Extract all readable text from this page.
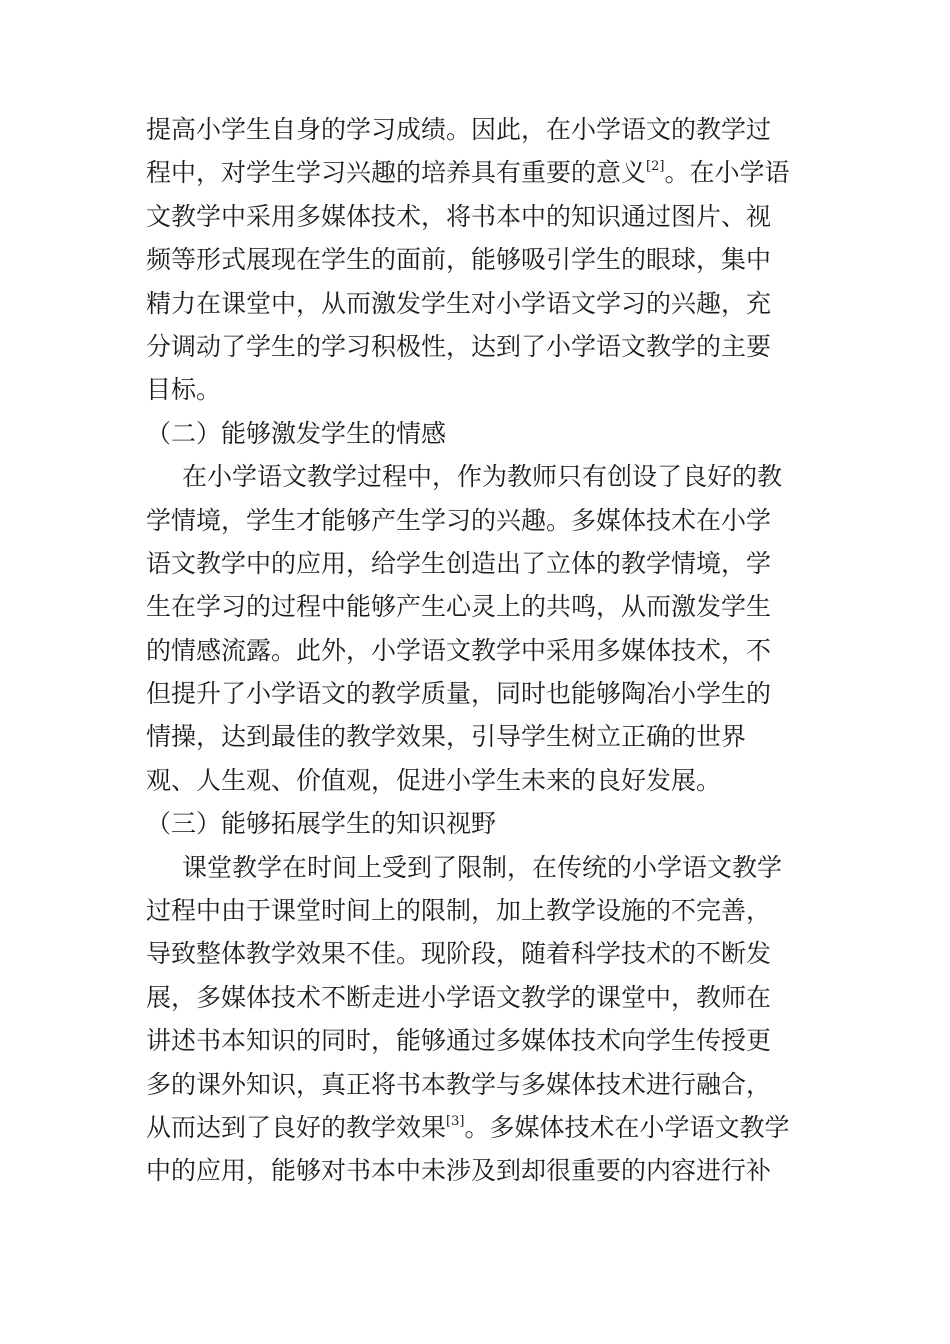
提高小学生自身的学习成绩。因此，在小学语文的教学过
程中，对学生学习兴趣的培养具有重要的意义[2]。在小学语
文教学中采用多媒体技术，将书本中的知识通过图片、视
频等形式展现在学生的面前，能够吸引学生的眼球，集中
精力在课堂中，从而激发学生对小学语文学习的兴趣，充
分调动了学生的学习积极性，达到了小学语文教学的主要
目标。
（二）能够激发学生的情感
在小学语文教学过程中，作为教师只有创设了良好的教
学情境，学生才能够产生学习的兴趣。多媒体技术在小学
语文教学中的应用，给学生创造出了立体的教学情境，学
生在学习的过程中能够产生心灵上的共鸣，从而激发学生
的情感流露。此外，小学语文教学中采用多媒体技术，不
但提升了小学语文的教学质量，同时也能够陶冶小学生的
情操，达到最佳的教学效果，引导学生树立正确的世界
观、人生观、价值观，促进小学生未来的良好发展。
（三）能够拓展学生的知识视野
课堂教学在时间上受到了限制，在传统的小学语文教学
过程中由于课堂时间上的限制，加上教学设施的不完善，
导致整体教学效果不佳。现阶段，随着科学技术的不断发
展，多媒体技术不断走进小学语文教学的课堂中，教师在
讲述书本知识的同时，能够通过多媒体技术向学生传授更
多的课外知识，真正将书本教学与多媒体技术进行融合，
从而达到了良好的教学效果[3]。多媒体技术在小学语文教学
中的应用，能够对书本中未涉及到却很重要的内容进行补
